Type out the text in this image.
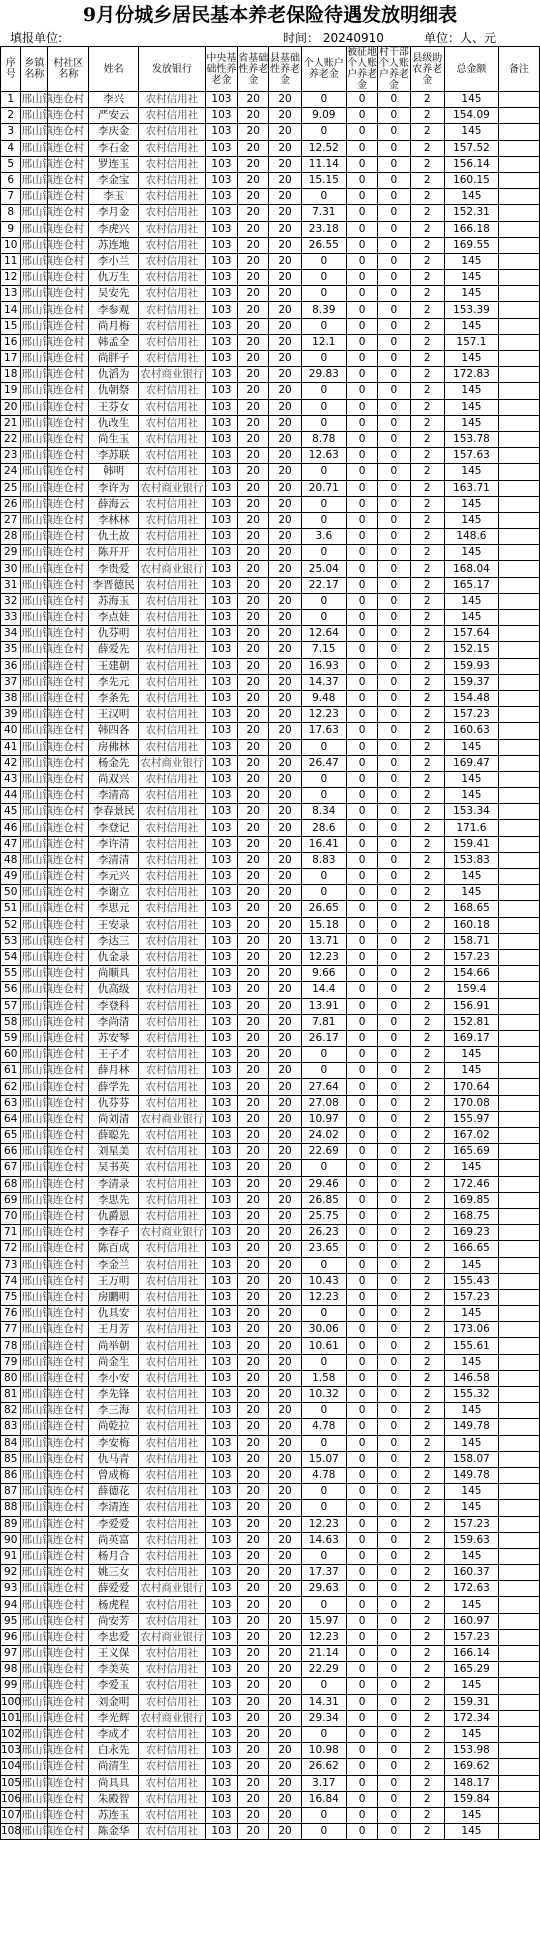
9月份城乡居民基本养老保险待遇发放明细表
填报单位:	时间： 20240910	单位：人、元
序号	乡镇名称	村社区名称	姓名	发放银行	中央基础性养老金	省基础性养老金	县基础性养老金	个人账户养老金	被征地个人账户养老金	村干部个人账户养老金	县级助农养老金	总金额	备注
1	邢山镇	连仓村	李兴	农村信用社	103	20	20	0	0	0	2	145	
2	邢山镇	连仓村	严安云	农村信用社	103	20	20	9.09	0	0	2	154.09	
3	邢山镇	连仓村	李庆金	农村信用社	103	20	20	0	0	0	2	145	
4	邢山镇	连仓村	李石金	农村信用社	103	20	20	12.52	0	0	2	157.52	
5	邢山镇	连仓村	罗连玉	农村信用社	103	20	20	11.14	0	0	2	156.14	
6	邢山镇	连仓村	李金宝	农村信用社	103	20	20	15.15	0	0	2	160.15	
7	邢山镇	连仓村	李玉	农村信用社	103	20	20	0	0	0	2	145	
8	邢山镇	连仓村	李月金	农村信用社	103	20	20	7.31	0	0	2	152.31	
9	邢山镇	连仓村	李虎兴	农村信用社	103	20	20	23.18	0	0	2	166.18	
10	邢山镇	连仓村	苏连地	农村信用社	103	20	20	26.55	0	0	2	169.55	
11	邢山镇	连仓村	李小兰	农村信用社	103	20	20	0	0	0	2	145	
12	邢山镇	连仓村	仇万生	农村信用社	103	20	20	0	0	0	2	145	
13	邢山镇	连仓村	吴安先	农村信用社	103	20	20	0	0	0	2	145	
14	邢山镇	连仓村	李参观	农村信用社	103	20	20	8.39	0	0	2	153.39	
15	邢山镇	连仓村	尚月梅	农村信用社	103	20	20	0	0	0	2	145	
16	邢山镇	连仓村	韩孟全	农村信用社	103	20	20	12.1	0	0	2	157.1	
17	邢山镇	连仓村	尚胖子	农村信用社	103	20	20	0	0	0	2	145	
18	邢山镇	连仓村	仇滔为	农村商业银行	103	20	20	29.83	0	0	2	172.83	
19	邢山镇	连仓村	仇朝祭	农村信用社	103	20	20	0	0	0	2	145	
20	邢山镇	连仓村	王芬女	农村信用社	103	20	20	0	0	0	2	145	
21	邢山镇	连仓村	仇改生	农村信用社	103	20	20	0	0	0	2	145	
22	邢山镇	连仓村	尚生玉	农村信用社	103	20	20	8.78	0	0	2	153.78	
23	邢山镇	连仓村	李苏联	农村信用社	103	20	20	12.63	0	0	2	157.63	
24	邢山镇	连仓村	韩明	农村信用社	103	20	20	0	0	0	2	145	
25	邢山镇	连仓村	李许为	农村商业银行	103	20	20	20.71	0	0	2	163.71	
26	邢山镇	连仓村	薛海云	农村信用社	103	20	20	0	0	0	2	145	
27	邢山镇	连仓村	李林林	农村信用社	103	20	20	0	0	0	2	145	
28	邢山镇	连仓村	仇土故	农村信用社	103	20	20	3.6	0	0	2	148.6	
29	邢山镇	连仓村	陈开开	农村信用社	103	20	20	0	0	0	2	145	
30	邢山镇	连仓村	李贵爱	农村商业银行	103	20	20	25.04	0	0	2	168.04	
31	邢山镇	连仓村	李晋德民	农村信用社	103	20	20	22.17	0	0	2	165.17	
32	邢山镇	连仓村	苏海玉	农村信用社	103	20	20	0	0	0	2	145	
33	邢山镇	连仓村	李点娃	农村信用社	103	20	20	0	0	0	2	145	
34	邢山镇	连仓村	仇芬明	农村信用社	103	20	20	12.64	0	0	2	157.64	
35	邢山镇	连仓村	薛爱先	农村信用社	103	20	20	7.15	0	0	2	152.15	
36	邢山镇	连仓村	王建朝	农村信用社	103	20	20	16.93	0	0	2	159.93	
37	邢山镇	连仓村	李先元	农村信用社	103	20	20	14.37	0	0	2	159.37	
38	邢山镇	连仓村	李条先	农村信用社	103	20	20	9.48	0	0	2	154.48	
39	邢山镇	连仓村	王汉明	农村信用社	103	20	20	12.23	0	0	2	157.23	
40	邢山镇	连仓村	韩四各	农村信用社	103	20	20	17.63	0	0	2	160.63	
41	邢山镇	连仓村	房佛林	农村信用社	103	20	20	0	0	0	2	145	
42	邢山镇	连仓村	杨金先	农村商业银行	103	20	20	26.47	0	0	2	169.47	
43	邢山镇	连仓村	尚双兴	农村信用社	103	20	20	0	0	0	2	145	
44	邢山镇	连仓村	李清高	农村信用社	103	20	20	0	0	0	2	145	
45	邢山镇	连仓村	李春景民	农村信用社	103	20	20	8.34	0	0	2	153.34	
46	邢山镇	连仓村	李登记	农村信用社	103	20	20	28.6	0	0	2	171.6	
47	邢山镇	连仓村	李许清	农村信用社	103	20	20	16.41	0	0	2	159.41	
48	邢山镇	连仓村	李清清	农村信用社	103	20	20	8.83	0	0	2	153.83	
49	邢山镇	连仓村	李元兴	农村信用社	103	20	20	0	0	0	2	145	
50	邢山镇	连仓村	李谢立	农村信用社	103	20	20	0	0	0	2	145	
51	邢山镇	连仓村	李思元	农村信用社	103	20	20	26.65	0	0	2	168.65	
52	邢山镇	连仓村	王安录	农村信用社	103	20	20	15.18	0	0	2	160.18	
53	邢山镇	连仓村	李达三	农村信用社	103	20	20	13.71	0	0	2	158.71	
54	邢山镇	连仓村	仇金录	农村信用社	103	20	20	12.23	0	0	2	157.23	
55	邢山镇	连仓村	尚顺具	农村信用社	103	20	20	9.66	0	0	2	154.66	
56	邢山镇	连仓村	仇高级	农村信用社	103	20	20	14.4	0	0	2	159.4	
57	邢山镇	连仓村	李登科	农村信用社	103	20	20	13.91	0	0	2	156.91	
58	邢山镇	连仓村	李尚清	农村信用社	103	20	20	7.81	0	0	2	152.81	
59	邢山镇	连仓村	苏安琴	农村信用社	103	20	20	26.17	0	0	2	169.17	
60	邢山镇	连仓村	王子才	农村信用社	103	20	20	0	0	0	2	145	
61	邢山镇	连仓村	薛月林	农村信用社	103	20	20	0	0	0	2	145	
62	邢山镇	连仓村	薛学先	农村信用社	103	20	20	27.64	0	0	2	170.64	
63	邢山镇	连仓村	仇芬芬	农村信用社	103	20	20	27.08	0	0	2	170.08	
64	邢山镇	连仓村	尚刘清	农村商业银行	103	20	20	10.97	0	0	2	155.97	
65	邢山镇	连仓村	薛聪先	农村信用社	103	20	20	24.02	0	0	2	167.02	
66	邢山镇	连仓村	刘星美	农村信用社	103	20	20	22.69	0	0	2	165.69	
67	邢山镇	连仓村	吴书英	农村信用社	103	20	20	0	0	0	2	145	
68	邢山镇	连仓村	李清录	农村信用社	103	20	20	29.46	0	0	2	172.46	
69	邢山镇	连仓村	李思先	农村信用社	103	20	20	26.85	0	0	2	169.85	
70	邢山镇	连仓村	仇爵恩	农村信用社	103	20	20	25.75	0	0	2	168.75	
71	邢山镇	连仓村	李春子	农村商业银行	103	20	20	26.23	0	0	2	169.23	
72	邢山镇	连仓村	陈百成	农村信用社	103	20	20	23.65	0	0	2	166.65	
73	邢山镇	连仓村	李金兰	农村信用社	103	20	20	0	0	0	2	145	
74	邢山镇	连仓村	王万明	农村信用社	103	20	20	10.43	0	0	2	155.43	
75	邢山镇	连仓村	房鹏明	农村信用社	103	20	20	12.23	0	0	2	157.23	
76	邢山镇	连仓村	仇具安	农村信用社	103	20	20	0	0	0	2	145	
77	邢山镇	连仓村	王月芳	农村信用社	103	20	20	30.06	0	0	2	173.06	
78	邢山镇	连仓村	尚举朝	农村信用社	103	20	20	10.61	0	0	2	155.61	
79	邢山镇	连仓村	尚金生	农村信用社	103	20	20	0	0	0	2	145	
80	邢山镇	连仓村	李小安	农村信用社	103	20	20	1.58	0	0	2	146.58	
81	邢山镇	连仓村	李先锋	农村信用社	103	20	20	10.32	0	0	2	155.32	
82	邢山镇	连仓村	李三海	农村信用社	103	20	20	0	0	0	2	145	
83	邢山镇	连仓村	尚乾拉	农村信用社	103	20	20	4.78	0	0	2	149.78	
84	邢山镇	连仓村	李安梅	农村信用社	103	20	20	0	0	0	2	145	
85	邢山镇	连仓村	仇马青	农村信用社	103	20	20	15.07	0	0	2	158.07	
86	邢山镇	连仓村	曾成梅	农村信用社	103	20	20	4.78	0	0	2	149.78	
87	邢山镇	连仓村	薛德花	农村信用社	103	20	20	0	0	0	2	145	
88	邢山镇	连仓村	李清连	农村信用社	103	20	20	0	0	0	2	145	
89	邢山镇	连仓村	李爱爱	农村信用社	103	20	20	12.23	0	0	2	157.23	
90	邢山镇	连仓村	尚英富	农村信用社	103	20	20	14.63	0	0	2	159.63	
91	邢山镇	连仓村	杨月合	农村信用社	103	20	20	0	0	0	2	145	
92	邢山镇	连仓村	姚三女	农村信用社	103	20	20	17.37	0	0	2	160.37	
93	邢山镇	连仓村	薛爱爱	农村商业银行	103	20	20	29.63	0	0	2	172.63	
94	邢山镇	连仓村	杨虎程	农村信用社	103	20	20	0	0	0	2	145	
95	邢山镇	连仓村	尚安芳	农村信用社	103	20	20	15.97	0	0	2	160.97	
96	邢山镇	连仓村	李忠爱	农村商业银行	103	20	20	12.23	0	0	2	157.23	
97	邢山镇	连仓村	王义保	农村信用社	103	20	20	21.14	0	0	2	166.14	
98	邢山镇	连仓村	李美英	农村信用社	103	20	20	22.29	0	0	2	165.29	
99	邢山镇	连仓村	李爱玉	农村信用社	103	20	20	0	0	0	2	145	
100	邢山镇	连仓村	刘金明	农村信用社	103	20	20	14.31	0	0	2	159.31	
101	邢山镇	连仓村	李光辉	农村商业银行	103	20	20	29.34	0	0	2	172.34	
102	邢山镇	连仓村	李成才	农村信用社	103	20	20	0	0	0	2	145	
103	邢山镇	连仓村	白永先	农村信用社	103	20	20	10.98	0	0	2	153.98	
104	邢山镇	连仓村	尚清生	农村信用社	103	20	20	26.62	0	0	2	169.62	
105	邢山镇	连仓村	尚具具	农村信用社	103	20	20	3.17	0	0	2	148.17	
106	邢山镇	连仓村	朱殿智	农村信用社	103	20	20	16.84	0	0	2	159.84	
107	邢山镇	连仓村	苏连玉	农村信用社	103	20	20	0	0	0	2	145	
108	邢山镇	连仓村	陈金华	农村信用社	103	20	20	0	0	0	2	145	
